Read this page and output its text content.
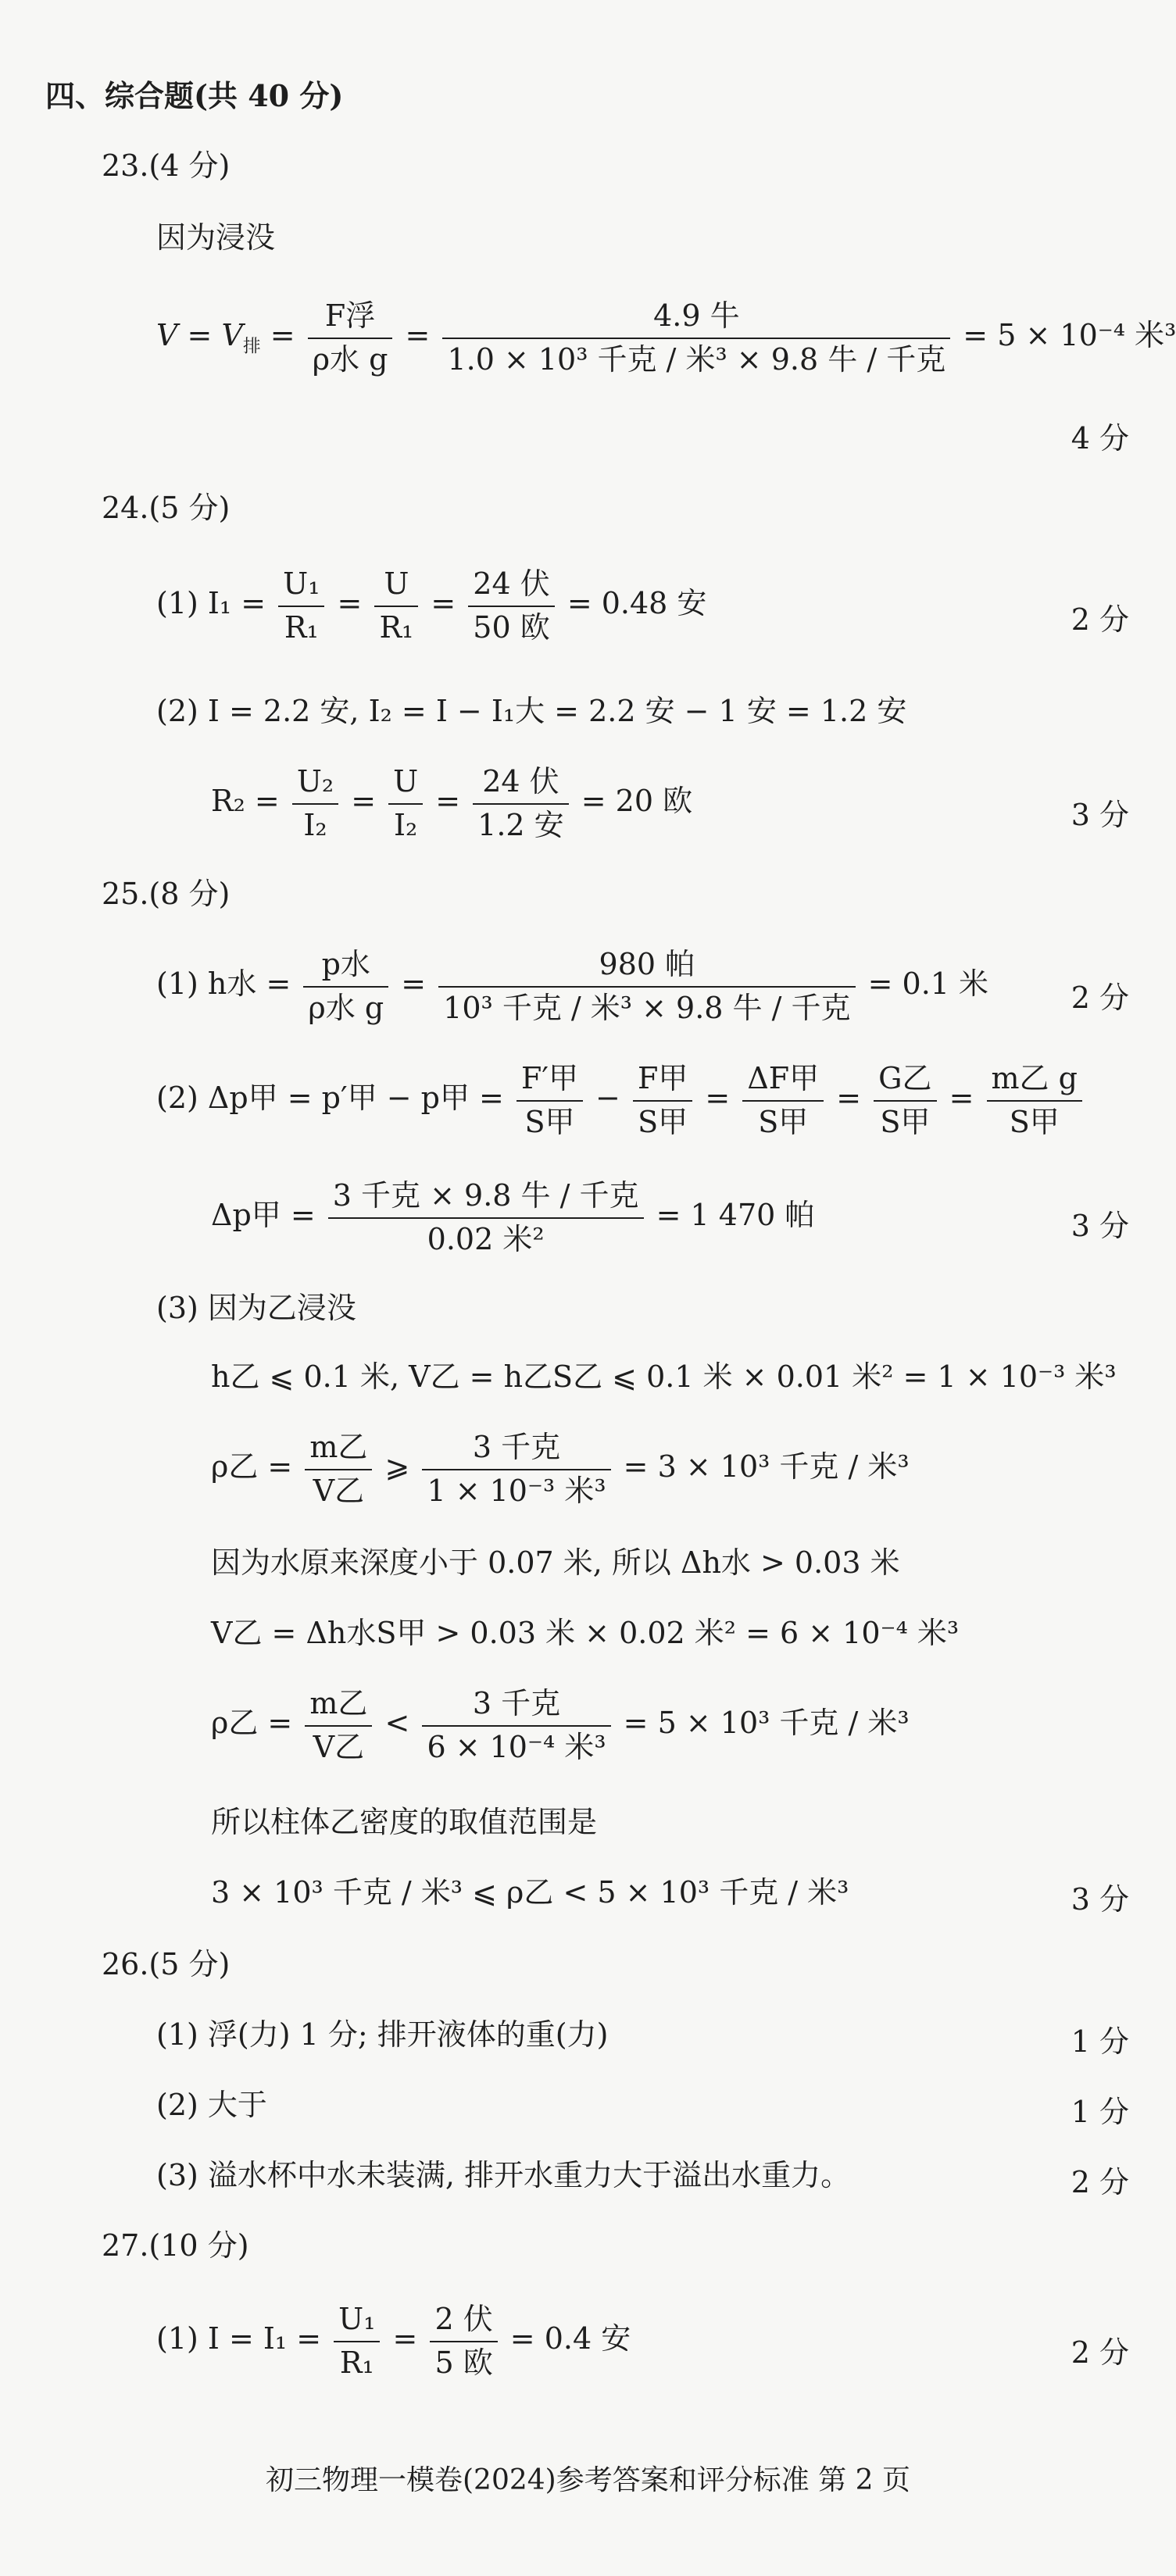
四、综合题(共 40 分)
23.(4 分)
因为浸没
$V = V_排 = \frac{\text{F浮}}{\text{ρ水 g}} = \frac{\text{4.9 牛}}{\text{1.0 × 10³ 千克 / 米³ × 9.8 牛 / 千克}} = 5 \times 10^{-4}$ 米³
4 分
24.(5 分)
(1) $I_1 = \frac{\text{U₁}}{\text{R₁}} = \frac{U}{\text{R₁}} = \frac{\text{24 伏}}{\text{50 欧}} = 0.48$ 安	2 分
(2) I = 2.2 安, I₂ = I − I₁大 = 2.2 安 − 1 安 = 1.2 安
$R_2 = \frac{\text{U₂}}{\text{I₂}} = \frac{U}{\text{I₂}} = \frac{\text{24 伏}}{\text{1.2 安}} = 20$ 欧	3 分
25.(8 分)
(1) h水 = $\frac{\text{p水}}{\text{ρ水 g}} = \frac{\text{980 帕}}{\text{10³ 千克 / 米³ × 9.8 牛 / 千克}} = 0.1$ 米	2 分
(2) Δp甲 = p′甲 − p甲 = $\frac{\text{F′甲}}{\text{S甲}} - \frac{\text{F甲}}{\text{S甲}} = \frac{\text{ΔF甲}}{\text{S甲}} = \frac{\text{G乙}}{\text{S甲}} = \frac{\text{m乙 g}}{\text{S甲}}$
Δp甲 = $\frac{\text{3 千克 × 9.8 牛 / 千克}}{\text{0.02 米²}} = 1$ 470 帕	3 分
(3) 因为乙浸没
h乙 ⩽ 0.1 米, V乙 = h乙S乙 ⩽ 0.1 米 × 0.01 米² = 1 × 10⁻³ 米³
ρ乙 = $\frac{\text{m乙}}{\text{V乙}}$ ⩾ $\frac{\text{3 千克}}{\text{1 × 10⁻³ 米³}} = 3 \times 10^3$ 千克 / 米³
因为水原来深度小于 0.07 米, 所以 Δh水 > 0.03 米
V乙 = Δh水S甲 > 0.03 米 × 0.02 米² = 6 × 10⁻⁴ 米³
ρ乙 = $\frac{\text{m乙}}{\text{V乙}} < \frac{\text{3 千克}}{\text{6 × 10⁻⁴ 米³}} = 5 \times 10^3$ 千克 / 米³
所以柱体乙密度的取值范围是
3 × 10³ 千克 / 米³ ⩽ ρ乙 < 5 × 10³ 千克 / 米³	3 分
26.(5 分)
(1) 浮(力) 1 分; 排开液体的重(力)	1 分
(2) 大于	1 分
(3) 溢水杯中水未装满, 排开水重力大于溢出水重力。	2 分
27.(10 分)
(1) $I = I_1 = \frac{\text{U₁}}{\text{R₁}} = \frac{\text{2 伏}}{\text{5 欧}} = 0.4$ 安	2 分
初三物理一模卷(2024)参考答案和评分标准 第 2 页
